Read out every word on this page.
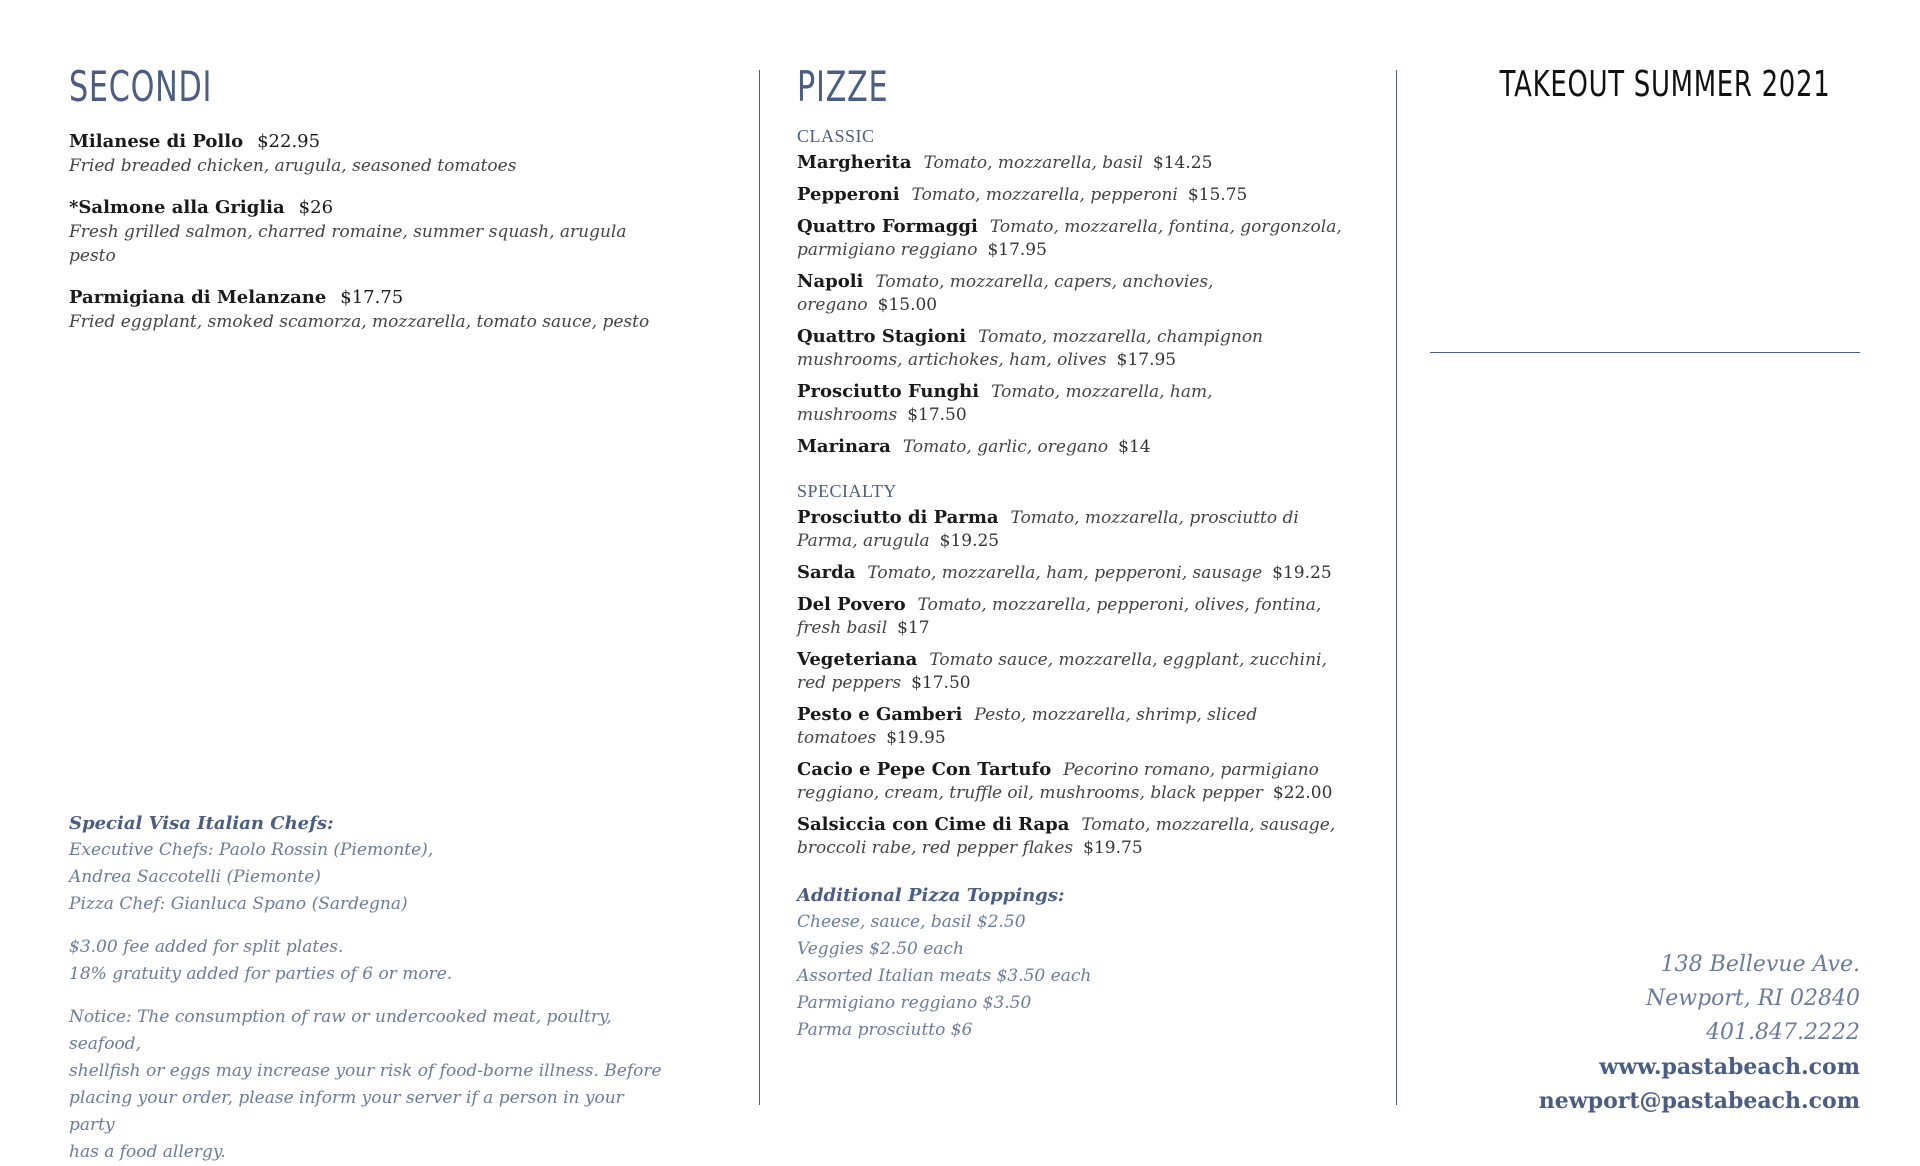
SECONDI
Milanese di Pollo $22.95
Fried breaded chicken, arugula, seasoned tomatoes
*Salmone alla Griglia $26
Fresh grilled salmon, charred romaine, summer squash, arugula pesto
Parmigiana di Melanzane $17.75
Fried eggplant, smoked scamorza, mozzarella, tomato sauce, pesto
Special Visa Italian Chefs:
Executive Chefs: Paolo Rossin (Piemonte),
Andrea Saccotelli (Piemonte)
Pizza Chef: Gianluca Spano (Sardegna)
$3.00 fee added for split plates.
18% gratuity added for parties of 6 or more.
Notice: The consumption of raw or undercooked meat, poultry, seafood,
shellfish or eggs may increase your risk of food-borne illness. Before
placing your order, please inform your server if a person in your party
has a food allergy.
PIZZE
CLASSIC
Margherita Tomato, mozzarella, basil $14.25
Pepperoni Tomato, mozzarella, pepperoni $15.75
Quattro Formaggi Tomato, mozzarella, fontina, gorgonzola, parmigiano reggiano $17.95
Napoli Tomato, mozzarella, capers, anchovies, oregano $15.00
Quattro Stagioni Tomato, mozzarella, champignon mushrooms, artichokes, ham, olives $17.95
Prosciutto Funghi Tomato, mozzarella, ham, mushrooms $17.50
Marinara Tomato, garlic, oregano $14
SPECIALTY
Prosciutto di Parma Tomato, mozzarella, prosciutto di Parma, arugula $19.25
Sarda Tomato, mozzarella, ham, pepperoni, sausage $19.25
Del Povero Tomato, mozzarella, pepperoni, olives, fontina, fresh basil $17
Vegeteriana Tomato sauce, mozzarella, eggplant, zucchini, red peppers $17.50
Pesto e Gamberi Pesto, mozzarella, shrimp, sliced tomatoes $19.95
Cacio e Pepe Con Tartufo Pecorino romano, parmigiano reggiano, cream, truffle oil, mushrooms, black pepper $22.00
Salsiccia con Cime di Rapa Tomato, mozzarella, sausage, broccoli rabe, red pepper flakes $19.75
Additional Pizza Toppings:
Cheese, sauce, basil $2.50
Veggies $2.50 each
Assorted Italian meats $3.50 each
Parmigiano reggiano $3.50
Parma prosciutto $6
TAKEOUT SUMMER 2021
138 Bellevue Ave.
Newport, RI 02840
401.847.2222
www.pastabeach.com
newport@pastabeach.com
